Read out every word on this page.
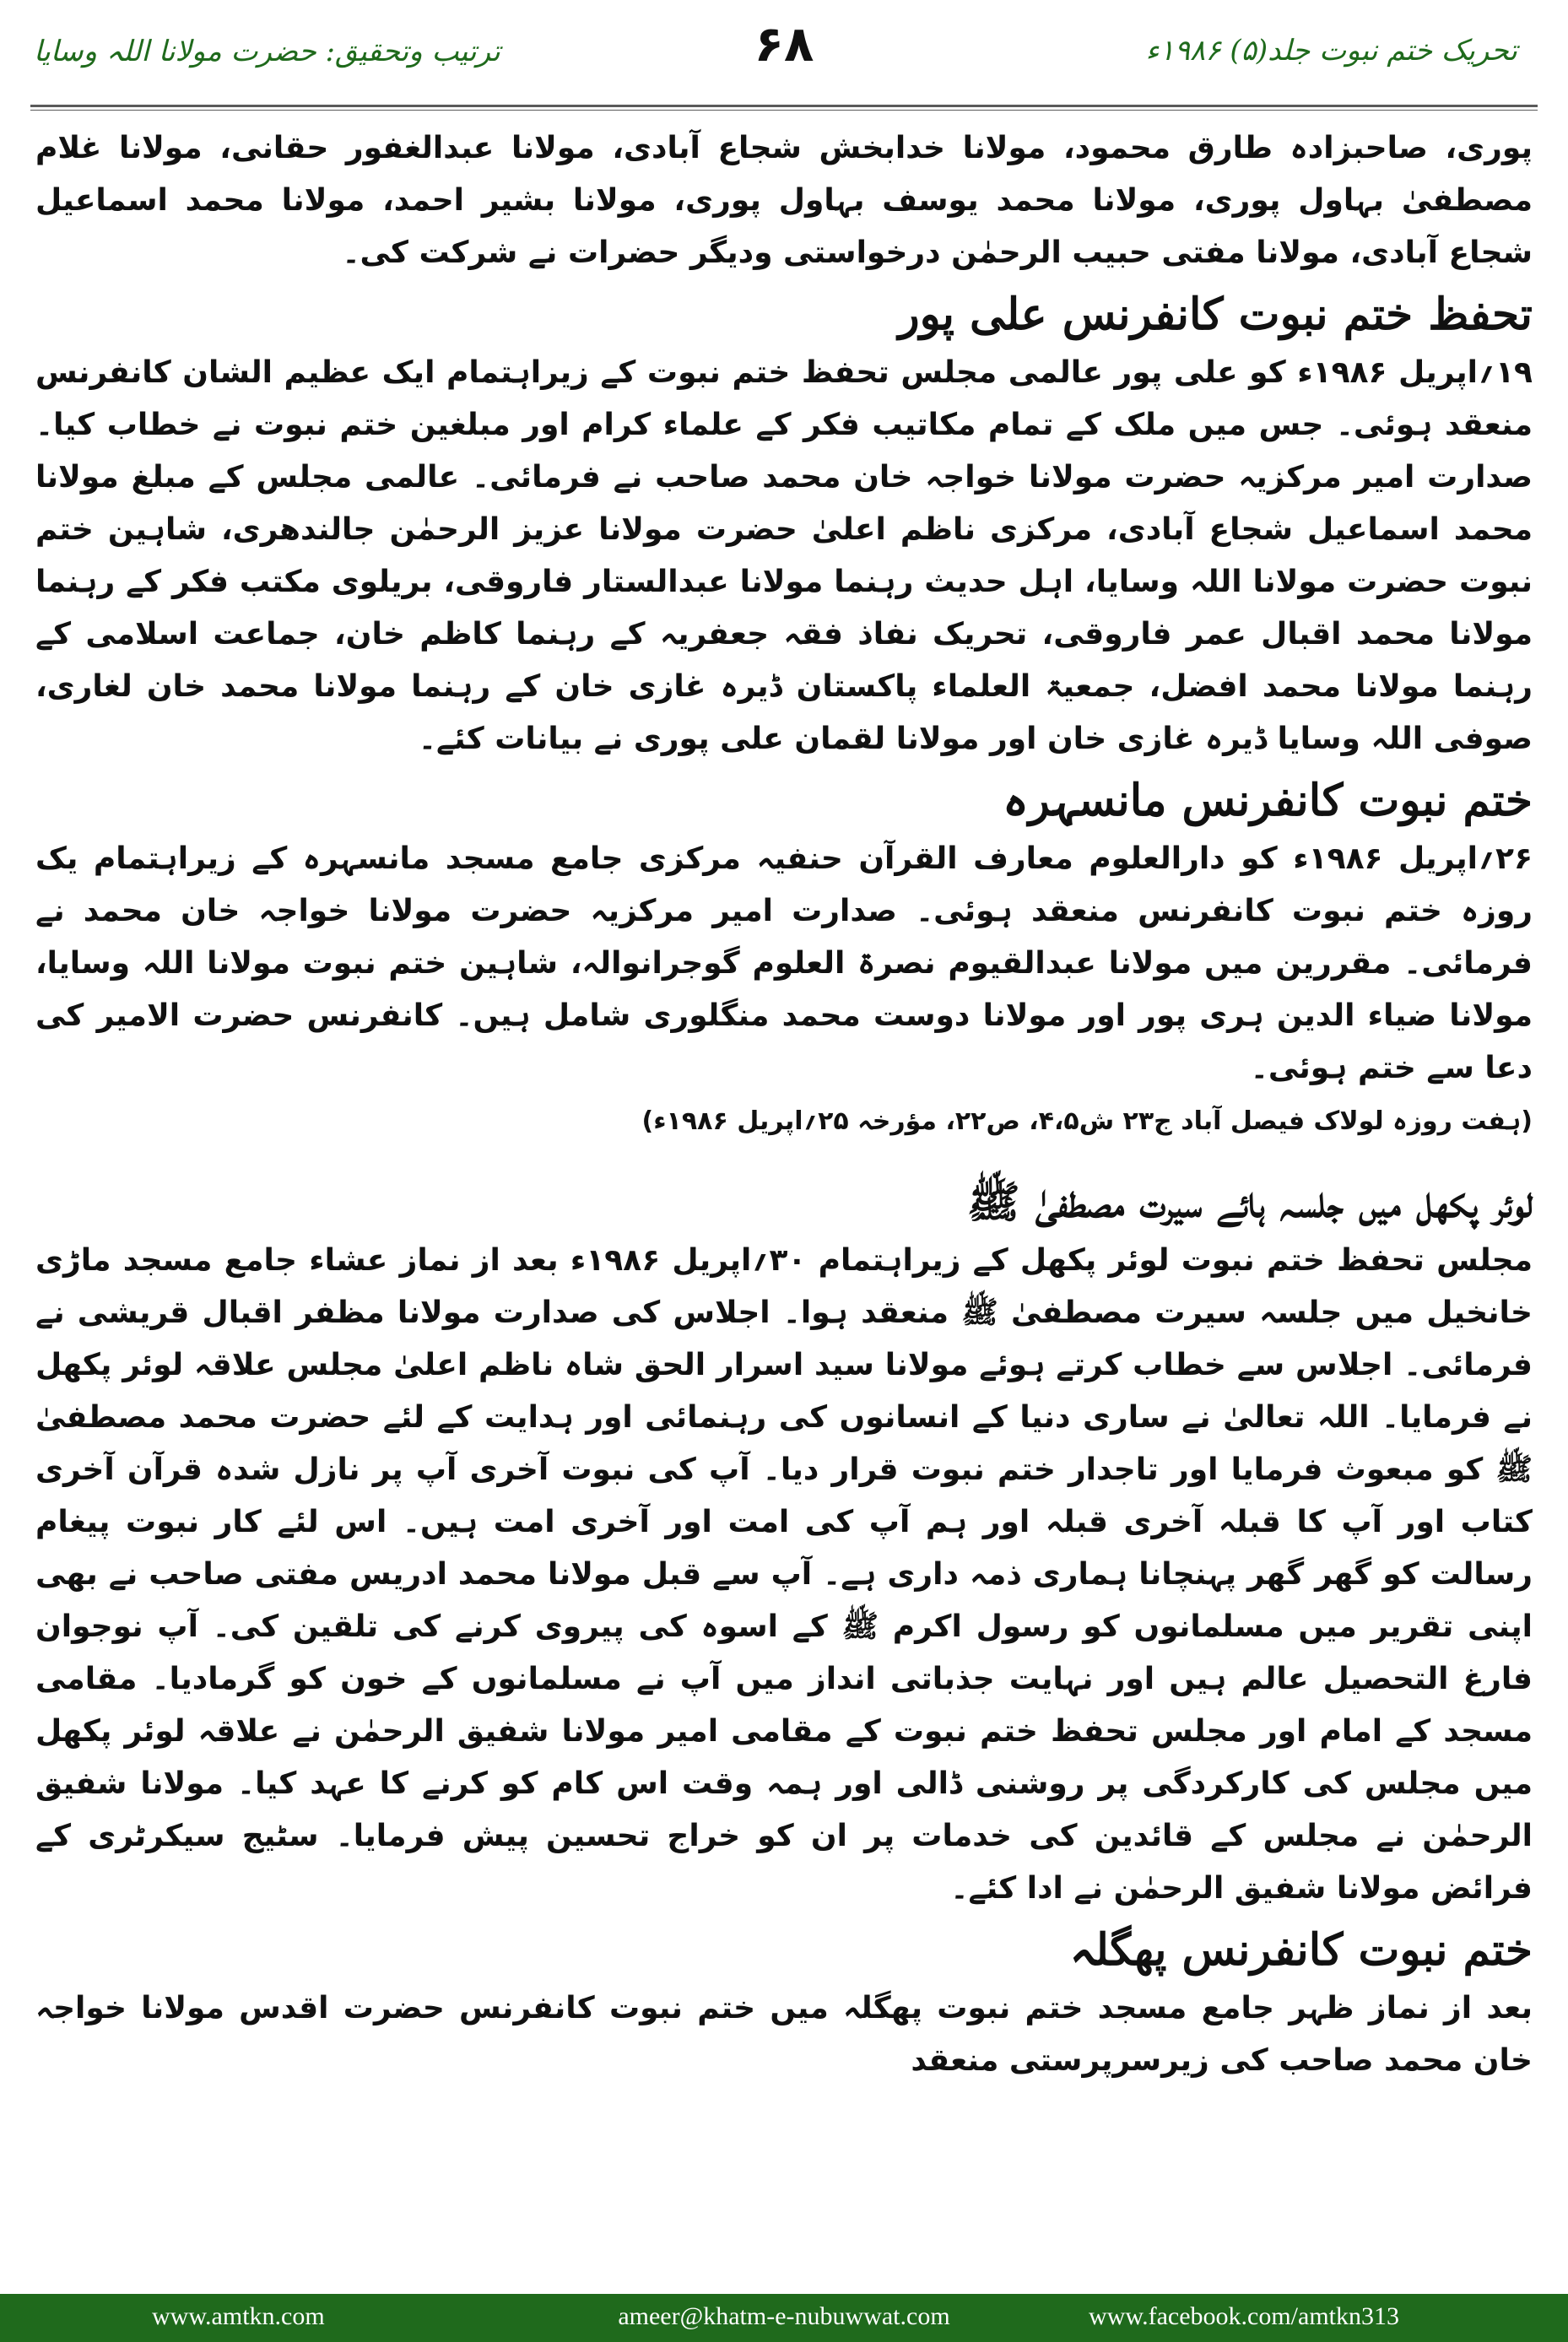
تحریک ختم نبوت جلد(۵) ۱۹۸۶ء
۶۸
ترتیب وتحقیق: حضرت مولانا اللہ وسایا

پوری، صاحبزادہ طارق محمود، مولانا خدابخش شجاع آبادی، مولانا عبدالغفور حقانی، مولانا غلام مصطفیٰ بہاول پوری، مولانا محمد یوسف بہاول پوری، مولانا بشیر احمد، مولانا محمد اسماعیل شجاع آبادی، مولانا مفتی حبیب الرحمٰن درخواستی ودیگر حضرات نے شرکت کی۔

تحفظ ختم نبوت کانفرنس علی پور

۱۹؍اپریل ۱۹۸۶ء کو علی پور عالمی مجلس تحفظ ختم نبوت کے زیراہتمام ایک عظیم الشان کانفرنس منعقد ہوئی۔ جس میں ملک کے تمام مکاتیب فکر کے علماء کرام اور مبلغین ختم نبوت نے خطاب کیا۔ صدارت امیر مرکزیہ حضرت مولانا خواجہ خان محمد صاحب نے فرمائی۔ عالمی مجلس کے مبلغ مولانا محمد اسماعیل شجاع آبادی، مرکزی ناظم اعلیٰ حضرت مولانا عزیز الرحمٰن جالندھری، شاہین ختم نبوت حضرت مولانا اللہ وسایا، اہل حدیث رہنما مولانا عبدالستار فاروقی، بریلوی مکتب فکر کے رہنما مولانا محمد اقبال عمر فاروقی، تحریک نفاذ فقہ جعفریہ کے رہنما کاظم خان، جماعت اسلامی کے رہنما مولانا محمد افضل، جمعیۃ العلماء پاکستان ڈیرہ غازی خان کے رہنما مولانا محمد خان لغاری، صوفی اللہ وسایا ڈیرہ غازی خان اور مولانا لقمان علی پوری نے بیانات کئے۔

ختم نبوت کانفرنس مانسہرہ

۲۶؍اپریل ۱۹۸۶ء کو دارالعلوم معارف القرآن حنفیہ مرکزی جامع مسجد مانسہرہ کے زیراہتمام یک روزہ ختم نبوت کانفرنس منعقد ہوئی۔ صدارت امیر مرکزیہ حضرت مولانا خواجہ خان محمد نے فرمائی۔ مقررین میں مولانا عبدالقیوم نصرۃ العلوم گوجرانوالہ، شاہین ختم نبوت مولانا اللہ وسایا، مولانا ضیاء الدین ہری پور اور مولانا دوست محمد منگلوری شامل ہیں۔ کانفرنس حضرت الامیر کی دعا سے ختم ہوئی۔

(ہفت روزہ لولاک فیصل آباد ج۲۳ ش۴،۵، ص۲۲، مؤرخہ ۲۵؍اپریل ۱۹۸۶ء)

لوئر پکھل میں جلسہ ہائے سیرت مصطفیٰ ﷺ

مجلس تحفظ ختم نبوت لوئر پکھل کے زیراہتمام ۳۰؍اپریل ۱۹۸۶ء بعد از نماز عشاء جامع مسجد ماڑی خانخیل میں جلسہ سیرت مصطفیٰ ﷺ منعقد ہوا۔ اجلاس کی صدارت مولانا مظفر اقبال قریشی نے فرمائی۔ اجلاس سے خطاب کرتے ہوئے مولانا سید اسرار الحق شاہ ناظم اعلیٰ مجلس علاقہ لوئر پکھل نے فرمایا۔ اللہ تعالیٰ نے ساری دنیا کے انسانوں کی رہنمائی اور ہدایت کے لئے حضرت محمد مصطفیٰ ﷺ کو مبعوث فرمایا اور تاجدار ختم نبوت قرار دیا۔ آپ کی نبوت آخری آپ پر نازل شدہ قرآن آخری کتاب اور آپ کا قبلہ آخری قبلہ اور ہم آپ کی امت اور آخری امت ہیں۔ اس لئے کار نبوت پیغام رسالت کو گھر گھر پہنچانا ہماری ذمہ داری ہے۔ آپ سے قبل مولانا محمد ادریس مفتی صاحب نے بھی اپنی تقریر میں مسلمانوں کو رسول اکرم ﷺ کے اسوہ کی پیروی کرنے کی تلقین کی۔ آپ نوجوان فارغ التحصیل عالم ہیں اور نہایت جذباتی انداز میں آپ نے مسلمانوں کے خون کو گرمادیا۔ مقامی مسجد کے امام اور مجلس تحفظ ختم نبوت کے مقامی امیر مولانا شفیق الرحمٰن نے علاقہ لوئر پکھل میں مجلس کی کارکردگی پر روشنی ڈالی اور ہمہ وقت اس کام کو کرنے کا عہد کیا۔ مولانا شفیق الرحمٰن نے مجلس کے قائدین کی خدمات پر ان کو خراج تحسین پیش فرمایا۔ سٹیج سیکرٹری کے فرائض مولانا شفیق الرحمٰن نے ادا کئے۔

ختم نبوت کانفرنس پھگلہ

بعد از نماز ظہر جامع مسجد ختم نبوت پھگلہ میں ختم نبوت کانفرنس حضرت اقدس مولانا خواجہ خان محمد صاحب کی زیرسرپرستی منعقد

www.amtkn.com	ameer@khatm-e-nubuwwat.com	www.facebook.com/amtkn313
